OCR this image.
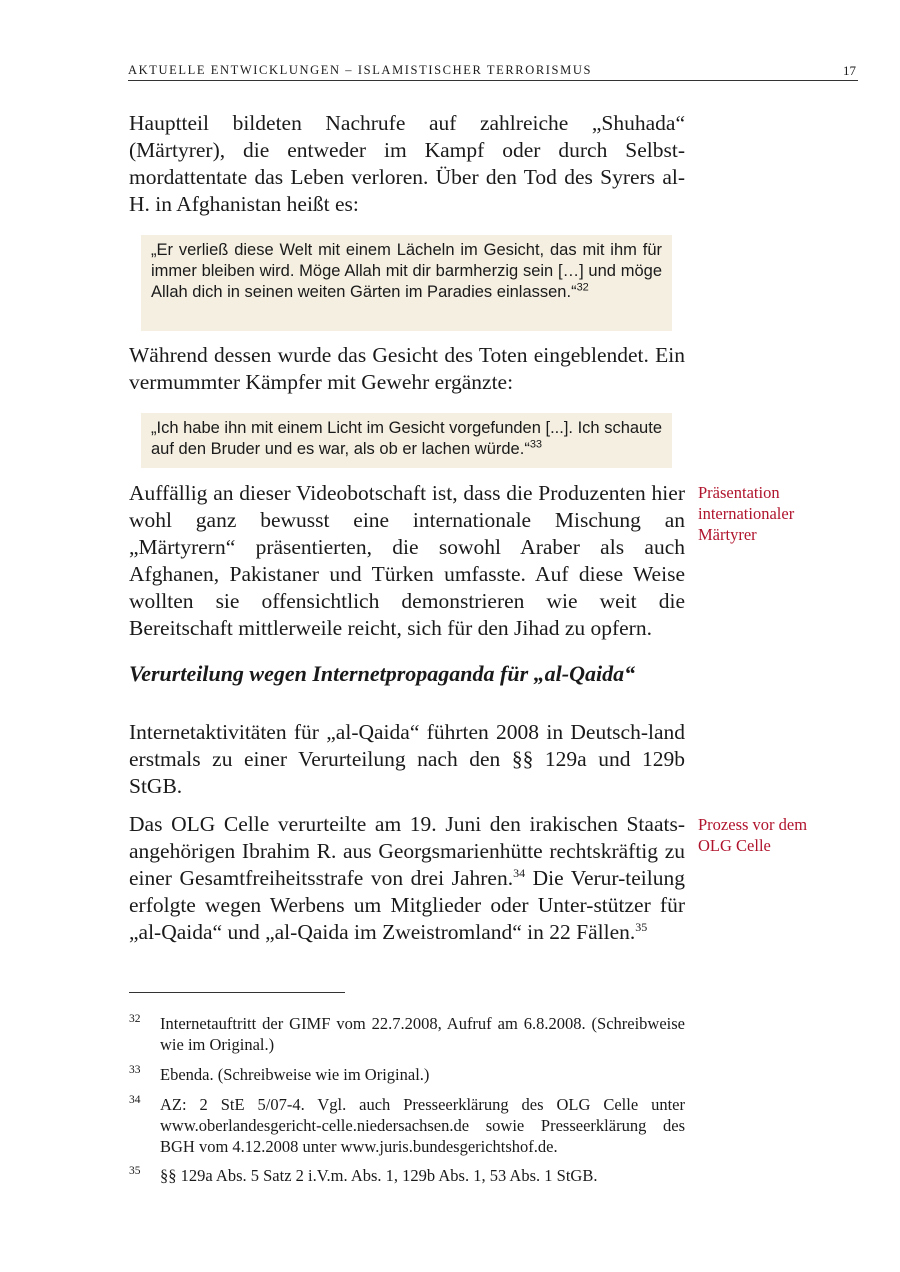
AKTUELLE ENTWICKLUNGEN – ISLAMISTISCHER TERRORISMUS	17
Hauptteil bildeten Nachrufe auf zahlreiche „Shuhada“ (Märtyrer), die entweder im Kampf oder durch Selbst-mordattentate das Leben verloren. Über den Tod des Syrers al-H. in Afghanistan heißt es:
„Er verließ diese Welt mit einem Lächeln im Gesicht, das mit ihm für immer bleiben wird. Möge Allah mit dir barmherzig sein […] und möge Allah dich in seinen weiten Gärten im Paradies einlassen.“$^{32}$
Während dessen wurde das Gesicht des Toten eingeblendet. Ein vermummter Kämpfer mit Gewehr ergänzte:
„Ich habe ihn mit einem Licht im Gesicht vorgefunden [...]. Ich schaute auf den Bruder und es war, als ob er lachen würde.“$^{33}$
Auffällig an dieser Videobotschaft ist, dass die Produzenten hier wohl ganz bewusst eine internationale Mischung an „Märtyrern“ präsentierten, die sowohl Araber als auch Afghanen, Pakistaner und Türken umfasste. Auf diese Weise wollten sie offensichtlich demonstrieren wie weit die Bereitschaft mittlerweile reicht, sich für den Jihad zu opfern.
Präsentation internationaler Märtyrer
Verurteilung wegen Internetpropaganda für „al-Qaida“
Internetaktivitäten für „al-Qaida“ führten 2008 in Deutsch-land erstmals zu einer Verurteilung nach den §§ 129a und 129b StGB.
Das OLG Celle verurteilte am 19. Juni den irakischen Staats-angehörigen Ibrahim R. aus Georgsmarienhütte rechtskräftig zu einer Gesamtfreiheitsstrafe von drei Jahren.$^{34}$ Die Verur-teilung erfolgte wegen Werbens um Mitglieder oder Unter-stützer für „al-Qaida“ und „al-Qaida im Zweistromland“ in 22 Fällen.$^{35}$
Prozess vor dem OLG Celle
32 Internetauftritt der GIMF vom 22.7.2008, Aufruf am 6.8.2008. (Schreibweise wie im Original.)
33 Ebenda. (Schreibweise wie im Original.)
34 AZ: 2 StE 5/07-4. Vgl. auch Presseerklärung des OLG Celle unter www.oberlandesgericht-celle.niedersachsen.de sowie Presseerklärung des BGH vom 4.12.2008 unter www.juris.bundesgerichtshof.de.
35 §§ 129a Abs. 5 Satz 2 i.V.m. Abs. 1, 129b Abs. 1, 53 Abs. 1 StGB.
